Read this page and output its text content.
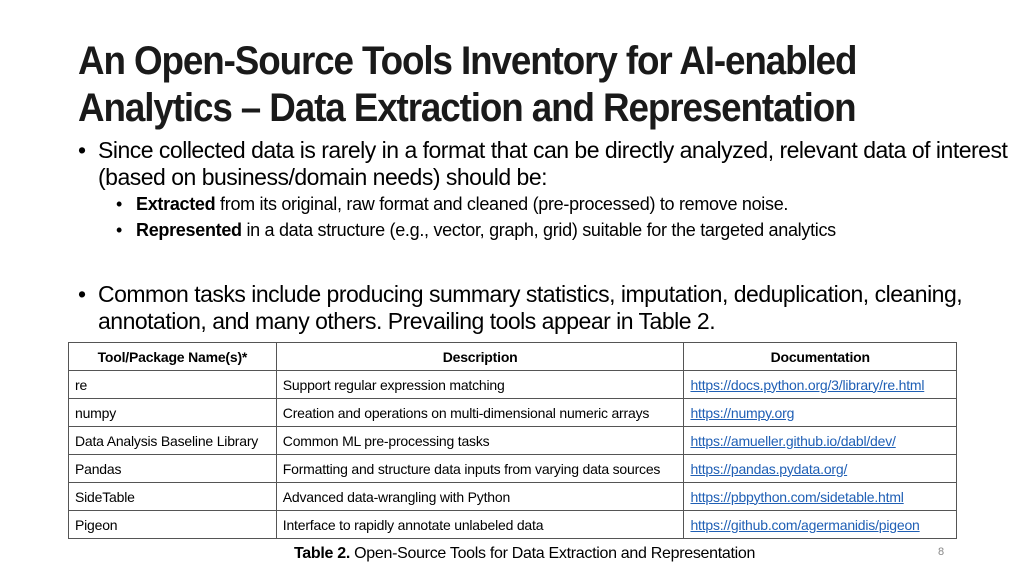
An Open-Source Tools Inventory for AI-enabled
Analytics – Data Extraction and Representation
• Since collected data is rarely in a format that can be directly analyzed, relevant data of interest (based on business/domain needs) should be:
• Extracted from its original, raw format and cleaned (pre-processed) to remove noise.
• Represented in a data structure (e.g., vector, graph, grid) suitable for the targeted analytics
• Common tasks include producing summary statistics, imputation, deduplication, cleaning, annotation, and many others. Prevailing tools appear in Table 2.
Tool/Package Name(s)*	Description	Documentation
re	Support regular expression matching	https://docs.python.org/3/library/re.html
numpy	Creation and operations on multi-dimensional numeric arrays	https://numpy.org
Data Analysis Baseline Library	Common ML pre-processing tasks	https://amueller.github.io/dabl/dev/
Pandas	Formatting and structure data inputs from varying data sources	https://pandas.pydata.org/
SideTable	Advanced data-wrangling with Python	https://pbpython.com/sidetable.html
Pigeon	Interface to rapidly annotate unlabeled data	https://github.com/agermanidis/pigeon
Table 2. Open-Source Tools for Data Extraction and Representation	8
